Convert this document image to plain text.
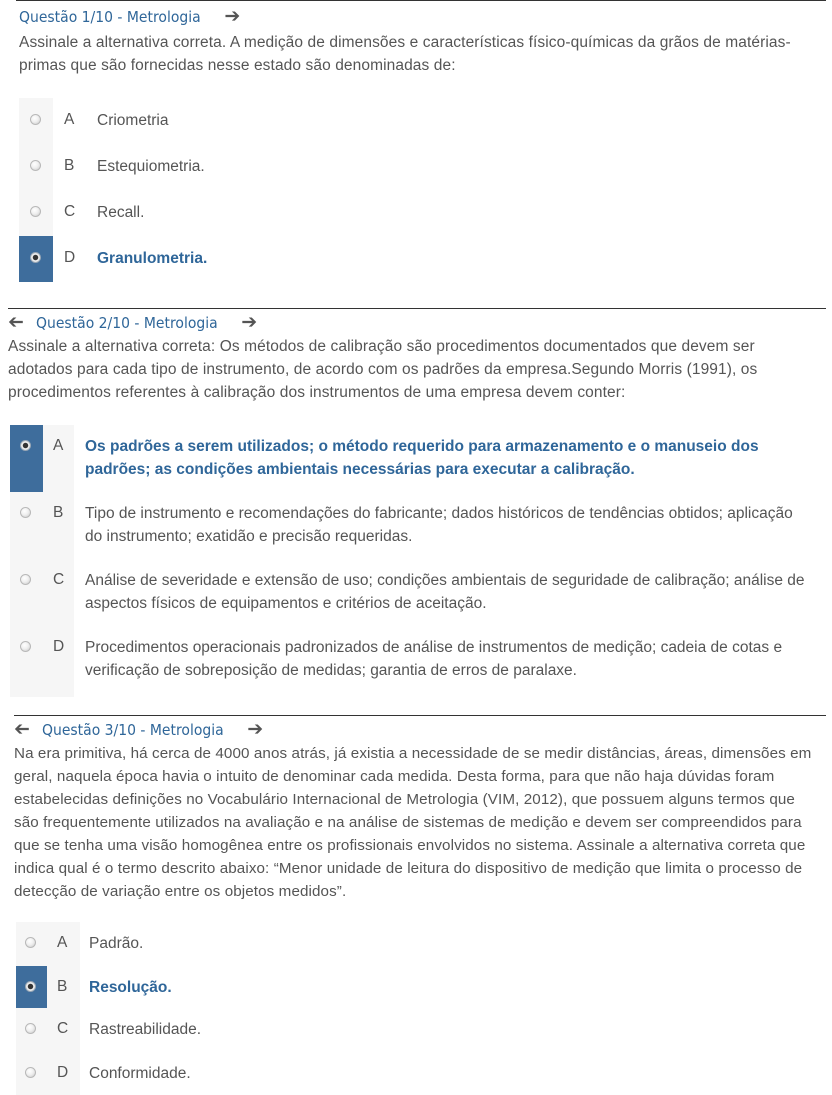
Questão 1/10 - Metrologia ➔
Assinale a alternativa correta. A medição de dimensões e características físico-químicas da grãos de matérias-primas que são fornecidas nesse estado são denominadas de:
A Criometria
B Estequiometria.
C Recall.
D Granulometria.
➔ Questão 2/10 - Metrologia ➔
Assinale a alternativa correta: Os métodos de calibração são procedimentos documentados que devem ser adotados para cada tipo de instrumento, de acordo com os padrões da empresa.Segundo Morris (1991), os procedimentos referentes à calibração dos instrumentos de uma empresa devem conter:
A Os padrões a serem utilizados; o método requerido para armazenamento e o manuseio dos padrões; as condições ambientais necessárias para executar a calibração.
B Tipo de instrumento e recomendações do fabricante; dados históricos de tendências obtidos; aplicação do instrumento; exatidão e precisão requeridas.
C Análise de severidade e extensão de uso; condições ambientais de seguridade de calibração; análise de aspectos físicos de equipamentos e critérios de aceitação.
D Procedimentos operacionais padronizados de análise de instrumentos de medição; cadeia de cotas e verificação de sobreposição de medidas; garantia de erros de paralaxe.
➔ Questão 3/10 - Metrologia ➔
Na era primitiva, há cerca de 4000 anos atrás, já existia a necessidade de se medir distâncias, áreas, dimensões em geral, naquela época havia o intuito de denominar cada medida. Desta forma, para que não haja dúvidas foram estabelecidas definições no Vocabulário Internacional de Metrologia (VIM, 2012), que possuem alguns termos que são frequentemente utilizados na avaliação e na análise de sistemas de medição e devem ser compreendidos para que se tenha uma visão homogênea entre os profissionais envolvidos no sistema. Assinale a alternativa correta que indica qual é o termo descrito abaixo: “Menor unidade de leitura do dispositivo de medição que limita o processo de detecção de variação entre os objetos medidos”.
A Padrão.
B Resolução.
C Rastreabilidade.
D Conformidade.
